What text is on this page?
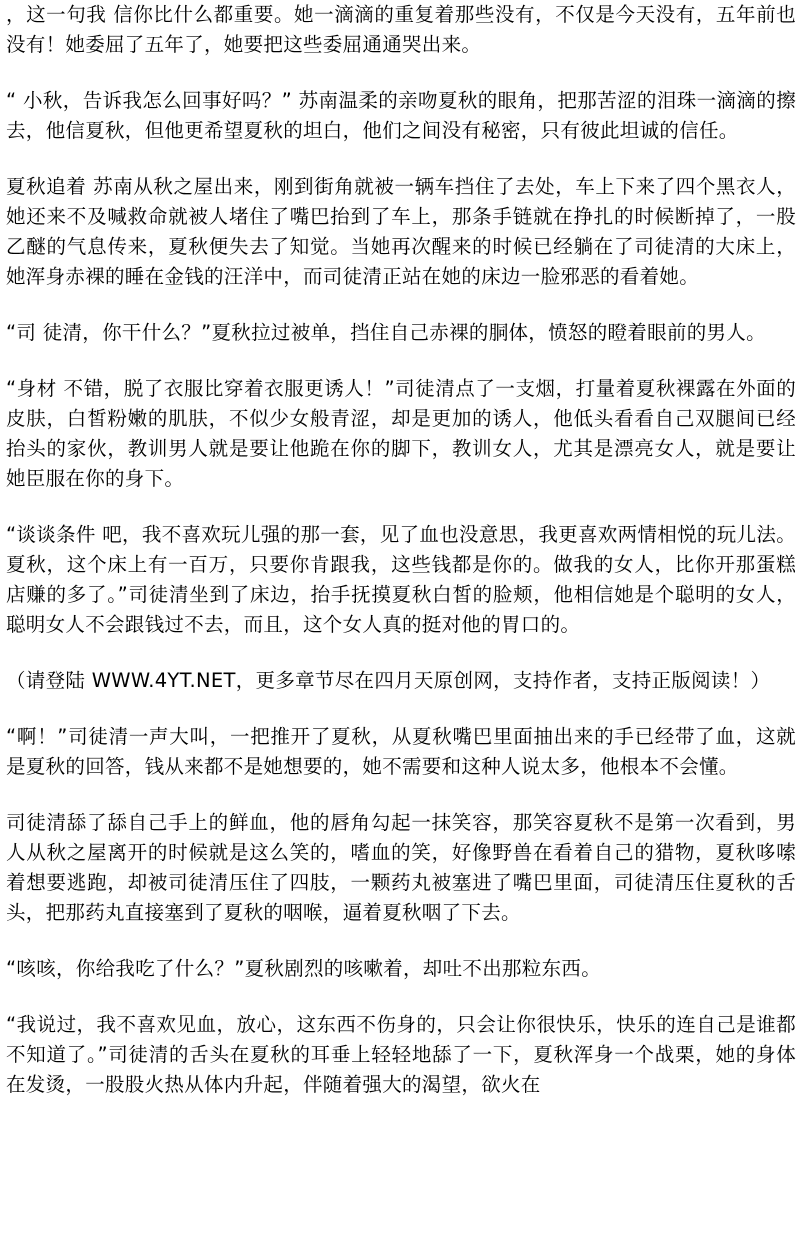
，这一句我 信你比什么都重要。她一滴滴的重复着那些没有，不仅是今天没有，五年前也没有！她委屈了五年了，她要把这些委屈通通哭出来。

“ 小秋，告诉我怎么回事好吗？” 苏南温柔的亲吻夏秋的眼角，把那苦涩的泪珠一滴滴的擦去，他信夏秋，但他更希望夏秋的坦白，他们之间没有秘密，只有彼此坦诚的信任。

夏秋追着 苏南从秋之屋出来，刚到街角就被一辆车挡住了去处，车上下来了四个黑衣人，她还来不及喊救命就被人堵住了嘴巴抬到了车上，那条手链就在挣扎的时候断掉了，一股乙醚的气息传来，夏秋便失去了知觉。当她再次醒来的时候已经躺在了司徒清的大床上，她浑身赤裸的睡在金钱的汪洋中，而司徒清正站在她的床边一脸邪恶的看着她。

“司 徒清，你干什么？”夏秋拉过被单，挡住自己赤裸的胴体，愤怒的瞪着眼前的男人。

“身材 不错，脱了衣服比穿着衣服更诱人！”司徒清点了一支烟，打量着夏秋裸露在外面的皮肤，白皙粉嫩的肌肤，不似少女般青涩，却是更加的诱人，他低头看看自己双腿间已经抬头的家伙，教训男人就是要让他跪在你的脚下，教训女人，尤其是漂亮女人，就是要让她臣服在你的身下。

“谈谈条件 吧，我不喜欢玩儿强的那一套，见了血也没意思，我更喜欢两情相悦的玩儿法。夏秋，这个床上有一百万，只要你肯跟我，这些钱都是你的。做我的女人，比你开那蛋糕店赚的多了。”司徒清坐到了床边，抬手抚摸夏秋白皙的脸颊，他相信她是个聪明的女人，聪明女人不会跟钱过不去，而且，这个女人真的挺对他的胃口的。

（请登陆 WWW.4YT.NET，更多章节尽在四月天原创网，支持作者，支持正版阅读！）

“啊！”司徒清一声大叫，一把推开了夏秋，从夏秋嘴巴里面抽出来的手已经带了血，这就是夏秋的回答，钱从来都不是她想要的，她不需要和这种人说太多，他根本不会懂。

司徒清舔了舔自己手上的鲜血，他的唇角勾起一抹笑容，那笑容夏秋不是第一次看到，男人从秋之屋离开的时候就是这么笑的，嗜血的笑，好像野兽在看着自己的猎物，夏秋哆嗦着想要逃跑，却被司徒清压住了四肢，一颗药丸被塞进了嘴巴里面，司徒清压住夏秋的舌头，把那药丸直接塞到了夏秋的咽喉，逼着夏秋咽了下去。

“咳咳，你给我吃了什么？”夏秋剧烈的咳嗽着，却吐不出那粒东西。

“我说过，我不喜欢见血，放心，这东西不伤身的，只会让你很快乐，快乐的连自己是谁都不知道了。”司徒清的舌头在夏秋的耳垂上轻轻地舔了一下，夏秋浑身一个战栗，她的身体在发烫，一股股火热从体内升起，伴随着强大的渴望，欲火在
